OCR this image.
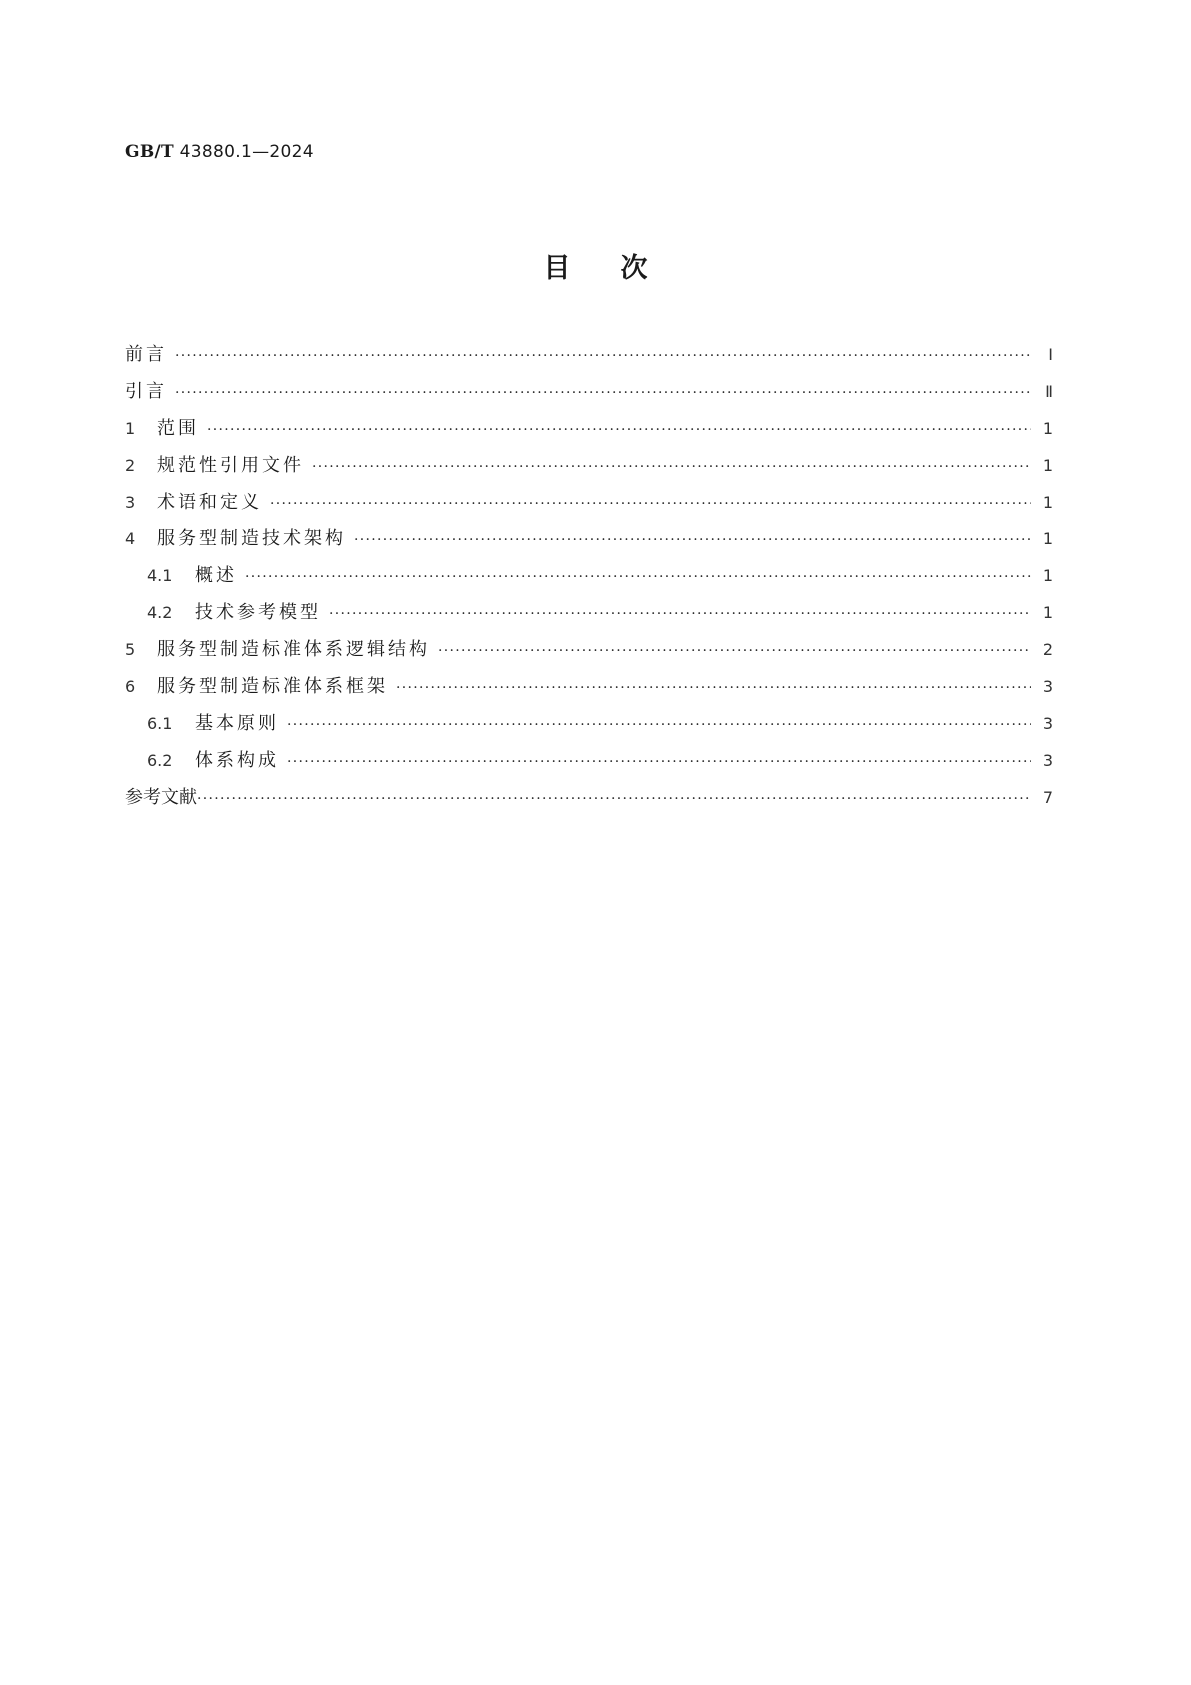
GB/T 43880.1—2024
目次
前言 ·····	Ⅰ
引言 ·····	Ⅱ
1	范围 ·····	1
2	规范性引用文件 ·····	1
3	术语和定义 ·····	1
4	服务型制造技术架构 ·····	1
4.1	概述 ·····	1
4.2	技术参考模型 ·····	1
5	服务型制造标准体系逻辑结构 ·····	2
6	服务型制造标准体系框架 ·····	3
6.1	基本原则 ·····	3
6.2	体系构成 ·····	3
参考文献 ·····	7
